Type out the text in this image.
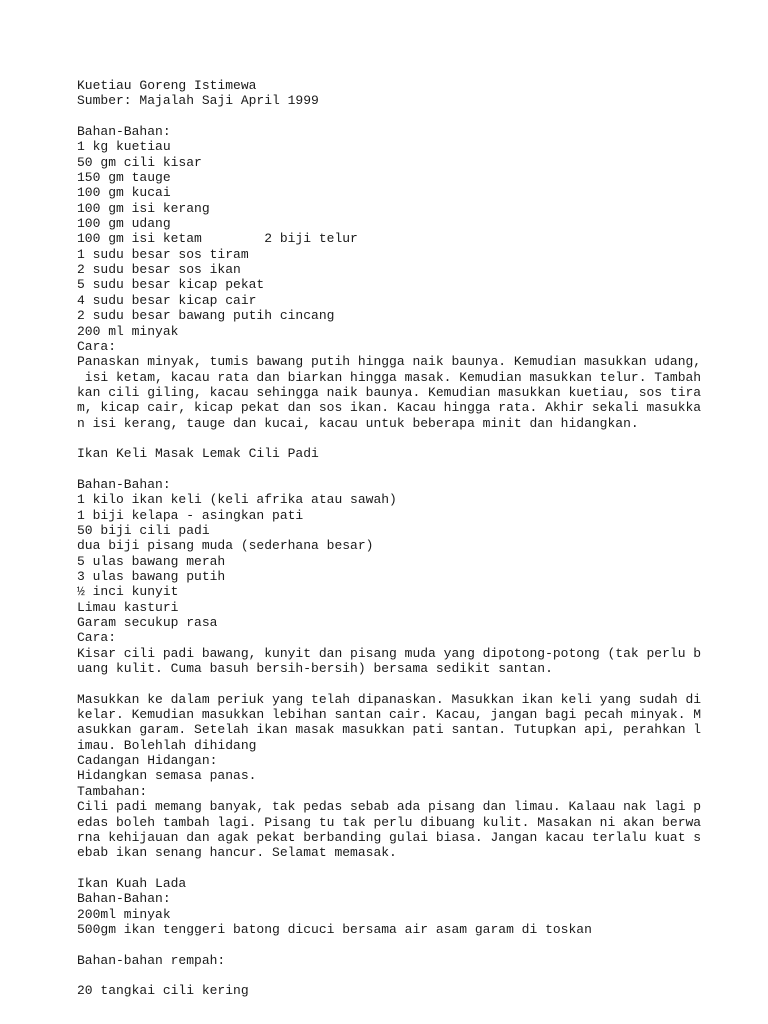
Kuetiau Goreng Istimewa
Sumber: Majalah Saji April 1999
Bahan-Bahan:
1 kg kuetiau
50 gm cili kisar
150 gm tauge
100 gm kucai
100 gm isi kerang
100 gm udang
100 gm isi ketam        2 biji telur
1 sudu besar sos tiram
2 sudu besar sos ikan
5 sudu besar kicap pekat
4 sudu besar kicap cair
2 sudu besar bawang putih cincang
200 ml minyak
Cara:
Panaskan minyak, tumis bawang putih hingga naik baunya. Kemudian masukkan udang,
isi ketam, kacau rata dan biarkan hingga masak. Kemudian masukkan telur. Tambah
kan cili giling, kacau sehingga naik baunya. Kemudian masukkan kuetiau, sos tira
m, kicap cair, kicap pekat dan sos ikan. Kacau hingga rata. Akhir sekali masukka
n isi kerang, tauge dan kucai, kacau untuk beberapa minit dan hidangkan.
Ikan Keli Masak Lemak Cili Padi
Bahan-Bahan:
1 kilo ikan keli (keli afrika atau sawah)
1 biji kelapa - asingkan pati
50 biji cili padi
dua biji pisang muda (sederhana besar)
5 ulas bawang merah
3 ulas bawang putih
½ inci kunyit
Limau kasturi
Garam secukup rasa
Cara:
Kisar cili padi bawang, kunyit dan pisang muda yang dipotong-potong (tak perlu b
uang kulit. Cuma basuh bersih-bersih) bersama sedikit santan.
Masukkan ke dalam periuk yang telah dipanaskan. Masukkan ikan keli yang sudah di
kelar. Kemudian masukkan lebihan santan cair. Kacau, jangan bagi pecah minyak. M
asukkan garam. Setelah ikan masak masukkan pati santan. Tutupkan api, perahkan l
imau. Bolehlah dihidang
Cadangan Hidangan:
Hidangkan semasa panas.
Tambahan:
Cili padi memang banyak, tak pedas sebab ada pisang dan limau. Kalaau nak lagi p
edas boleh tambah lagi. Pisang tu tak perlu dibuang kulit. Masakan ni akan berwa
rna kehijauan dan agak pekat berbanding gulai biasa. Jangan kacau terlalu kuat s
ebab ikan senang hancur. Selamat memasak.
Ikan Kuah Lada
Bahan-Bahan:
200ml minyak
500gm ikan tenggeri batong dicuci bersama air asam garam di toskan
Bahan-bahan rempah:
20 tangkai cili kering
